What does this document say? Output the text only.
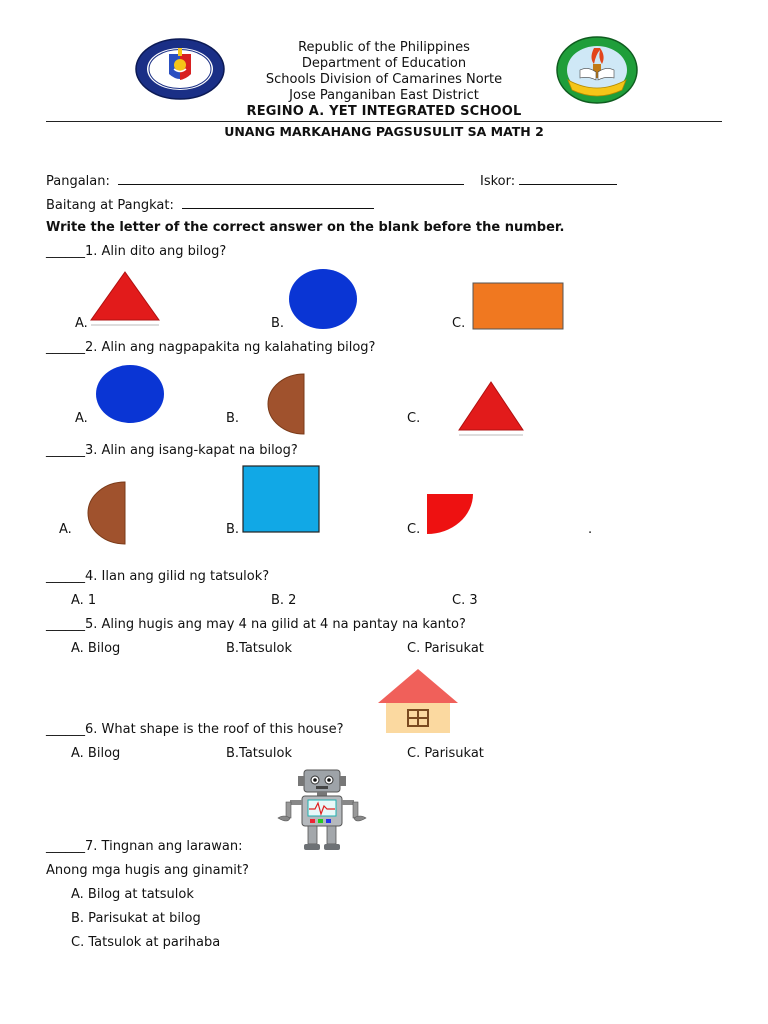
Republic of the Philippines
Department of Education
Schools Division of Camarines Norte
Jose Panganiban East District
REGINO A. YET INTEGRATED SCHOOL
UNANG MARKAHANG PAGSUSULIT SA MATH 2
Pangalan:	Iskor:
Baitang at Pangkat:
Write the letter of the correct answer on the blank before the number.
______1. Alin dito ang bilog?
A.	B.	C.
______2. Alin ang nagpapakita ng kalahating bilog?
A.	B.	C.
______3. Alin ang isang-kapat na bilog?
A.	B.	C.	.
______4. Ilan ang gilid ng tatsulok?
A. 1	B. 2	C. 3
______5. Aling hugis ang may 4 na gilid at 4 na pantay na kanto?
A. Bilog	B.Tatsulok	C. Parisukat
______6. What shape is the roof of this house?
A. Bilog	B.Tatsulok	C. Parisukat
______7. Tingnan ang larawan:
Anong mga hugis ang ginamit?
A. Bilog at tatsulok
B. Parisukat at bilog
C. Tatsulok at parihaba
